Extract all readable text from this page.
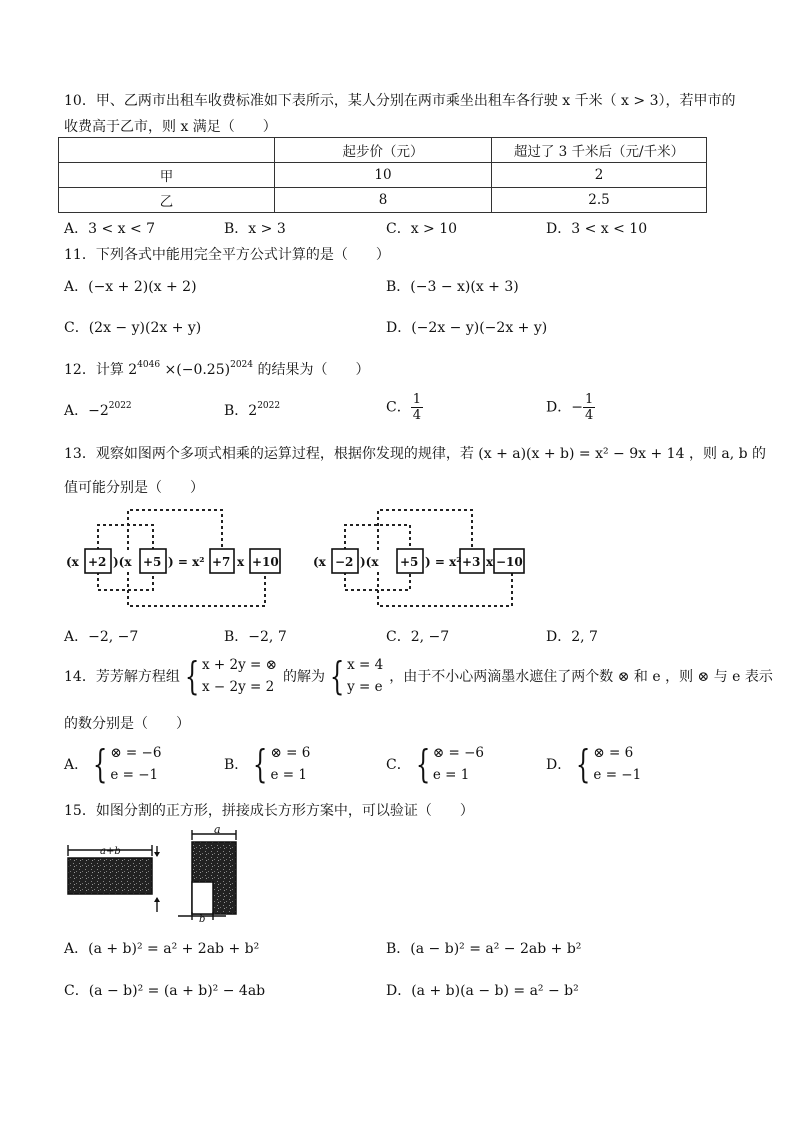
10．甲、乙两市出租车收费标准如下表所示，某人分别在两市乘坐出租车各行驶 x 千米（ x > 3），若甲市的
收费高于乙市，则 x 满足（　　）
	起步价（元）	超过了 3 千米后（元/千米）
甲	10	2
乙	8	2.5
A．3 < x < 7	B．x > 3	C．x > 10	D．3 < x < 10
11．下列各式中能用完全平方公式计算的是（　　）
A．(−x + 2)(x + 2)	B．(−3 − x)(x + 3)
C．(2x − y)(2x + y)	D．(−2x − y)(−2x + y)
12．计算 $2^{4046} \times(-0.25)^{2024}$ 的结果为（　　）
A．$-2^{2022}$	B．$2^{2022}$	C． $\frac{1}{4}$	D．− $\frac{1}{4}$
13．观察如图两个多项式相乘的运算过程，根据你发现的规律，若 (x + a)(x + b) = x² − 9x + 14 ，则 a, b 的
值可能分别是（　　）
(x +2 )(x +5 ) = x² +7 x +10	(x −2 )(x +5 ) = x² +3 x −10
A．−2, −7	B．−2, 7	C．2, −7	D．2, 7
14．芳芳解方程组 { x + 2y = ⊗
x − 2y = 2
的解为 { x = 4
y = e
，由于不小心两滴墨水遮住了两个数 ⊗ 和 e ，则 ⊗ 与 e 表示
的数分别是（　　）
A． { ⊗ = −6
e = −1
B． { ⊗ = 6
e = 1
C． { ⊗ = −6
e = 1
D． { ⊗ = 6
e = −1
15．如图分割的正方形，拼接成长方形方案中，可以验证（　　）
a+b
a
b
A．(a + b)² = a² + 2ab + b²	B．(a − b)² = a² − 2ab + b²
C．(a − b)² = (a + b)² − 4ab	D．(a + b)(a − b) = a² − b²
